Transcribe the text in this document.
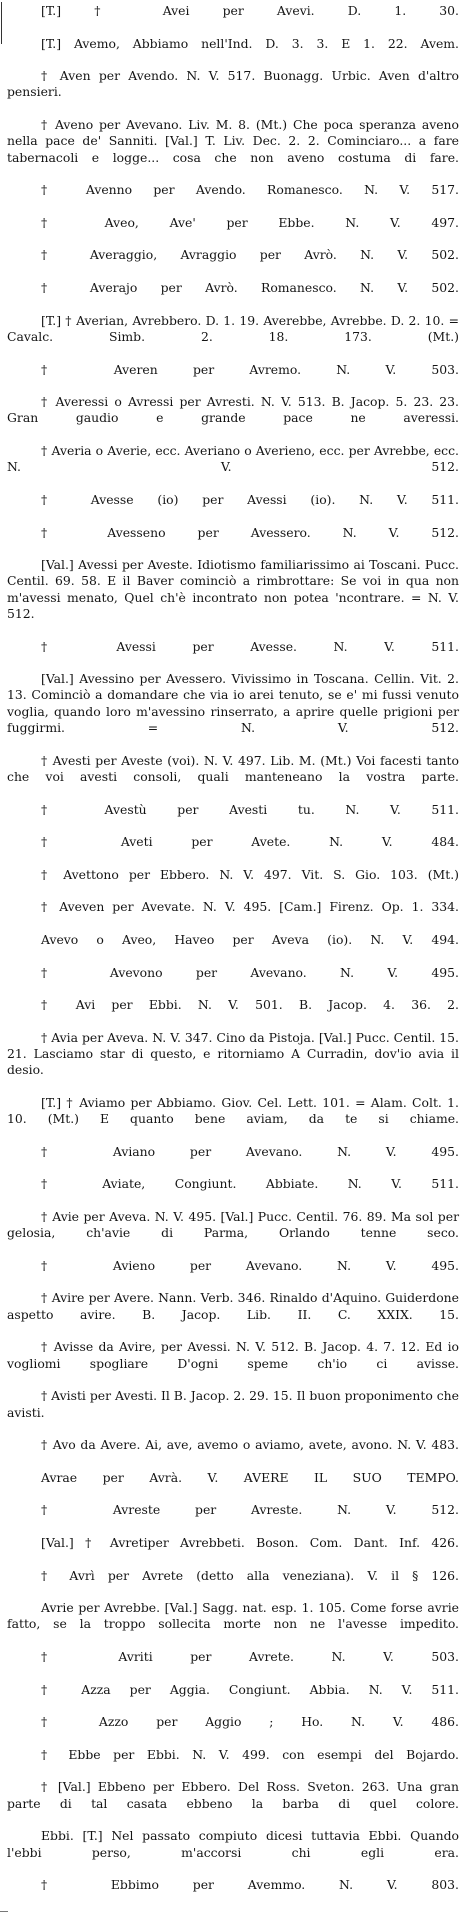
[T.] † Avei per Avevi. D. 1. 30.

[T.] Avemo, Abbiamo nell'Ind. D. 3. 3. E 1. 22. Avem.

† Aven per Avendo. N. V. 517. Buonagg. Urbic. Aven d'altro pensieri.

† Aveno per Avevano. Liv. M. 8. (Mt.) Che poca speranza aveno nella pace de' Sanniti. [Val.] T. Liv. Dec. 2. 2. Cominciaro... a fare tabernacoli e logge... cosa che non aveno costuma di fare.

† Avenno per Avendo. Romanesco. N. V. 517.

† Aveo, Ave' per Ebbe. N. V. 497.

† Averaggio, Avraggio per Avrò. N. V. 502.

† Averajo per Avrò. Romanesco. N. V. 502.

[T.] † Averian, Avrebbero. D. 1. 19. Averebbe, Avrebbe. D. 2. 10. = Cavalc. Simb. 2. 18. 173. (Mt.)

† Averen per Avremo. N. V. 503.

† Averessi o Avressi per Avresti. N. V. 513. B. Jacop. 5. 23. 23. Gran gaudio e grande pace ne averessi.

† Averia o Averie, ecc. Averiano o Averieno, ecc. per Avrebbe, ecc. N. V. 512.

† Avesse (io) per Avessi (io). N. V. 511.

† Avesseno per Avessero. N. V. 512.

[Val.] Avessi per Aveste. Idiotismo familiarissimo ai Toscani. Pucc. Centil. 69. 58. E il Baver cominciò a rimbrottare: Se voi in qua non m'avessi menato, Quel ch'è incontrato non potea 'ncontrare. = N. V. 512.

† Avessi per Avesse. N. V. 511.

[Val.] Avessino per Avessero. Vivissimo in Toscana. Cellin. Vit. 2. 13. Cominciò a domandare che via io arei tenuto, se e' mi fussi venuto voglia, quando loro m'avessino rinserrato, a aprire quelle prigioni per fuggirmi. = N. V. 512.

† Avesti per Aveste (voi). N. V. 497. Lib. M. (Mt.) Voi facesti tanto che voi avesti consoli, quali manteneano la vostra parte.

† Avestù per Avesti tu. N. V. 511.

† Aveti per Avete. N. V. 484.

† Avettono per Ebbero. N. V. 497. Vit. S. Gio. 103. (Mt.)

† Aveven per Avevate. N. V. 495. [Cam.] Firenz. Op. 1. 334.

Avevo o Aveo, Haveo per Aveva (io). N. V. 494.

† Avevono per Avevano. N. V. 495.

† Avi per Ebbi. N. V. 501. B. Jacop. 4. 36. 2.

† Avia per Aveva. N. V. 347. Cino da Pistoja. [Val.] Pucc. Centil. 15. 21. Lasciamo star di questo, e ritorniamo A Curradin, dov'io avia il desio.

[T.] † Aviamo per Abbiamo. Giov. Cel. Lett. 101. = Alam. Colt. 1. 10. (Mt.) E quanto bene aviam, da te si chiame.

† Aviano per Avevano. N. V. 495.

† Aviate, Congiunt. Abbiate. N. V. 511.

† Avie per Aveva. N. V. 495. [Val.] Pucc. Centil. 76. 89. Ma sol per gelosia, ch'avie di Parma, Orlando tenne seco.

† Avieno per Avevano. N. V. 495.

† Avire per Avere. Nann. Verb. 346. Rinaldo d'Aquino. Guiderdone aspetto avire. B. Jacop. Lib. II. C. XXIX. 15.

† Avisse da Avire, per Avessi. N. V. 512. B. Jacop. 4. 7. 12. Ed io vogliomi spogliare D'ogni speme ch'io ci avisse.

† Avisti per Avesti. Il B. Jacop. 2. 29. 15. Il buon proponimento che avisti.

† Avo da Avere. Ai, ave, avemo o aviamo, avete, avono. N. V. 483.

Avrae per Avrà. V. AVERE IL SUO TEMPO.

† Avreste per Avreste. N. V. 512.

[Val.] † Avretiper Avrebbeti. Boson. Com. Dant. Inf. 426.

† Avrì per Avrete (detto alla veneziana). V. il § 126.

Avrie per Avrebbe. [Val.] Sagg. nat. esp. 1. 105. Come forse avrie fatto, se la troppo sollecita morte non ne l'avesse impedito.

† Avriti per Avrete. N. V. 503.

† Azza per Aggia. Congiunt. Abbia. N. V. 511.

† Azzo per Aggio ; Ho. N. V. 486.

† Ebbe per Ebbi. N. V. 499. con esempi del Bojardo.

† [Val.] Ebbeno per Ebbero. Del Ross. Sveton. 263. Una gran parte di tal casata ebbeno la barba di quel colore.

Ebbi. [T.] Nel passato compiuto dicesi tuttavia Ebbi. Quando l'ebbi perso, m'accorsi chi egli era.

† Ebbimo per Avemmo. N. V. 803.
